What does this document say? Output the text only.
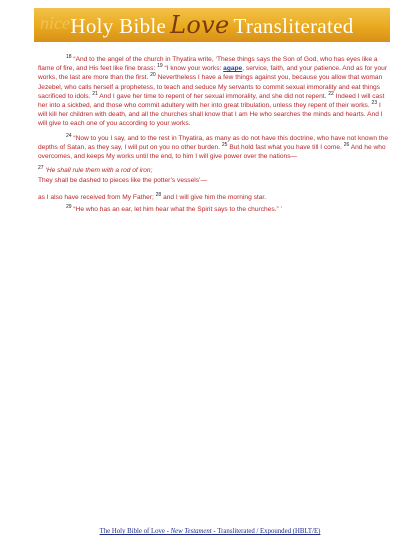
nice Holy Bible Love Transliterated

$^{18}$ “And to the angel of the church in Thyatira write, ‘These things says the Son of God, who has eyes like a flame of fire, and His feet like fine brass: $^{19}$ “I know your works: agape, service, faith, and your patience. And as for your works, the last are more than the first. $^{20}$ Nevertheless I have a few things against you, because you allow that woman Jezebel, who calls herself a prophetess, to teach and seduce My servants to commit sexual immorality and eat things sacrificed to idols. $^{21}$ And I gave her time to repent of her sexual immorality, and she did not repent. $^{22}$ Indeed I will cast her into a sickbed, and those who commit adultery with her into great tribulation, unless they repent of their works. $^{23}$ I will kill her children with death, and all the churches shall know that I am He who searches the minds and hearts. And I will give to each one of you according to your works.

$^{24}$ “Now to you I say, and to the rest in Thyatira, as many as do not have this doctrine, who have not known the depths of Satan, as they say, I will put on you no other burden. $^{25}$ But hold fast what you have till I come. $^{26}$ And he who overcomes, and keeps My works until the end, to him I will give power over the nations—

$^{27}$ ‘He shall rule them with a rod of iron;

They shall be dashed to pieces like the potter’s vessels’—

as I also have received from My Father; $^{28}$ and I will give him the morning star.

$^{29}$ “He who has an ear, let him hear what the Spirit says to the churches.” ’

The Holy Bible of Love - New Testament - Transliterated / Expounded (HBLT/E)
